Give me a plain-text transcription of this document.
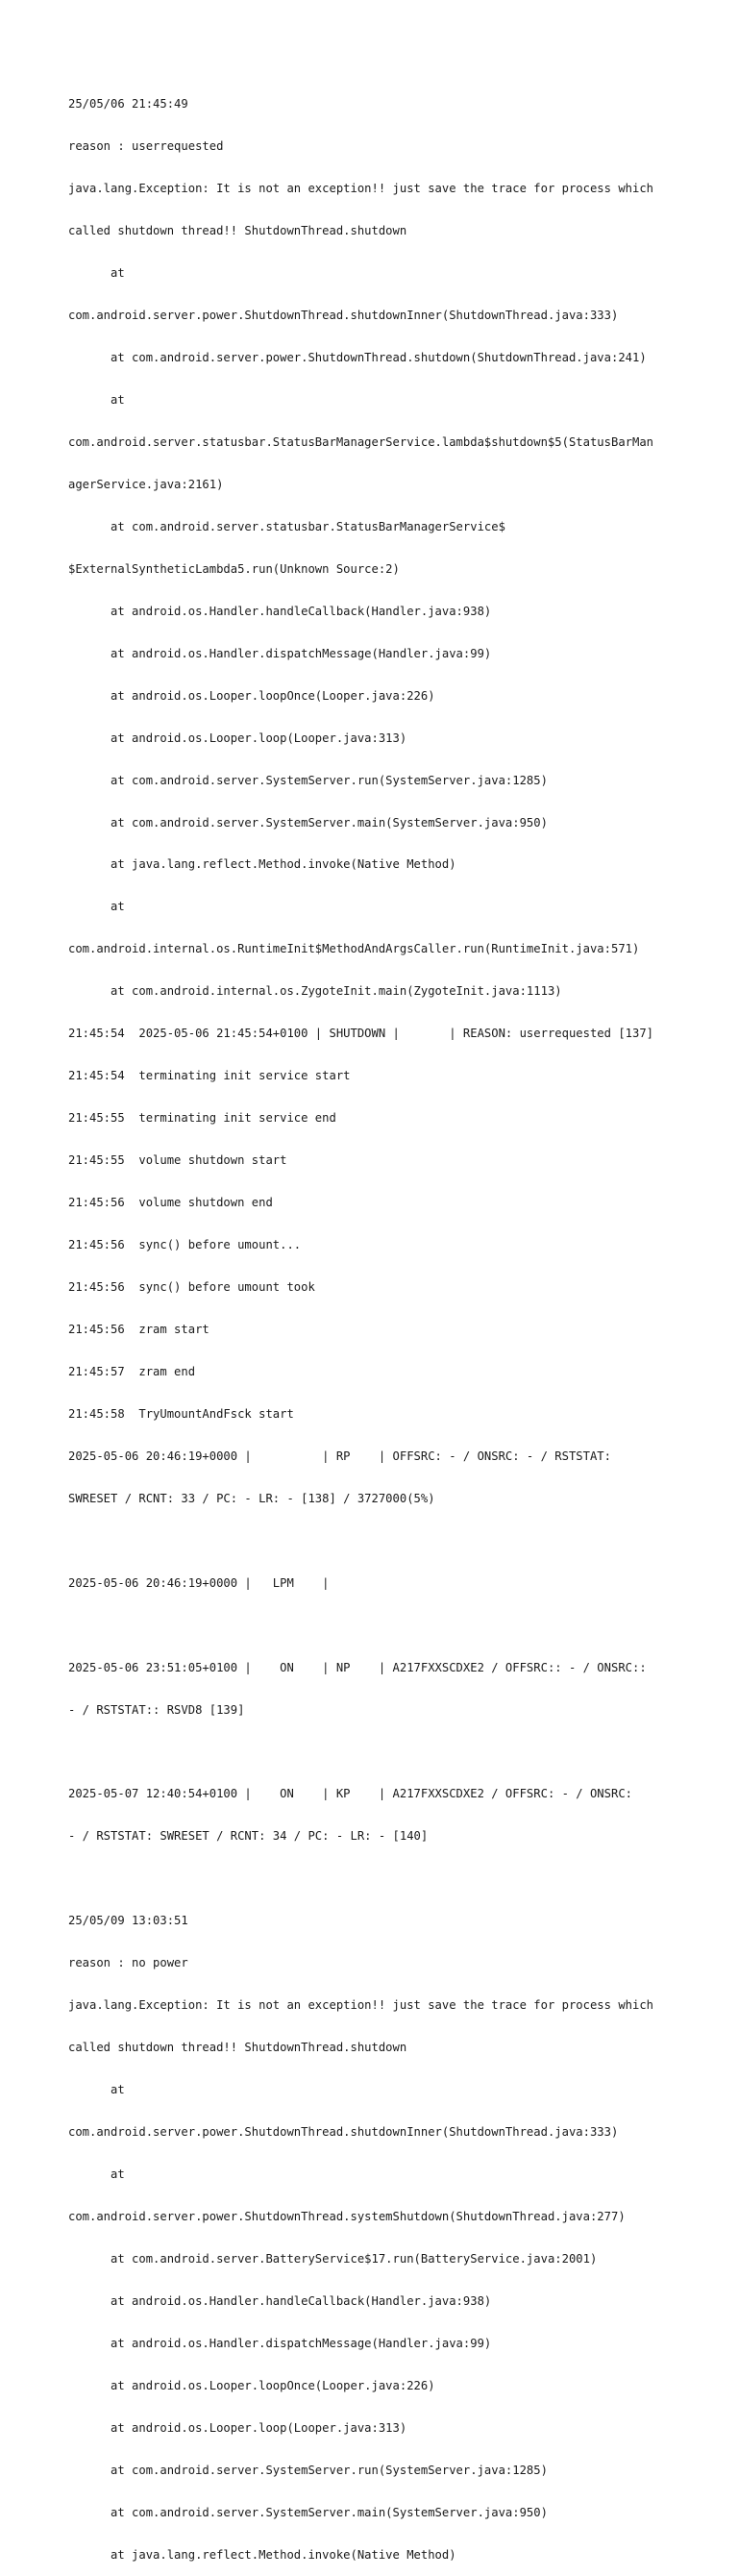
25/05/06 21:45:49

reason : userrequested

java.lang.Exception: It is not an exception!! just save the trace for process which

called shutdown thread!! ShutdownThread.shutdown

at

com.android.server.power.ShutdownThread.shutdownInner(ShutdownThread.java:333)

at com.android.server.power.ShutdownThread.shutdown(ShutdownThread.java:241)

at

com.android.server.statusbar.StatusBarManagerService.lambda$shutdown$5(StatusBarMan

agerService.java:2161)

at com.android.server.statusbar.StatusBarManagerService$

$ExternalSyntheticLambda5.run(Unknown Source:2)

at android.os.Handler.handleCallback(Handler.java:938)

at android.os.Handler.dispatchMessage(Handler.java:99)

at android.os.Looper.loopOnce(Looper.java:226)

at android.os.Looper.loop(Looper.java:313)

at com.android.server.SystemServer.run(SystemServer.java:1285)

at com.android.server.SystemServer.main(SystemServer.java:950)

at java.lang.reflect.Method.invoke(Native Method)

at

com.android.internal.os.RuntimeInit$MethodAndArgsCaller.run(RuntimeInit.java:571)

at com.android.internal.os.ZygoteInit.main(ZygoteInit.java:1113)

21:45:54  2025-05-06 21:45:54+0100 | SHUTDOWN |       | REASON: userrequested [137]

21:45:54  terminating init service start

21:45:55  terminating init service end

21:45:55  volume shutdown start

21:45:56  volume shutdown end

21:45:56  sync() before umount...

21:45:56  sync() before umount took

21:45:56  zram start

21:45:57  zram end

21:45:58  TryUmountAndFsck start

2025-05-06 20:46:19+0000 |          | RP    | OFFSRC: - / ONSRC: - / RSTSTAT:

SWRESET / RCNT: 33 / PC: - LR: - [138] / 3727000(5%)

2025-05-06 20:46:19+0000 |   LPM    |

2025-05-06 23:51:05+0100 |    ON    | NP    | A217FXXSCDXE2 / OFFSRC:: - / ONSRC::

- / RSTSTAT:: RSVD8 [139]

2025-05-07 12:40:54+0100 |    ON    | KP    | A217FXXSCDXE2 / OFFSRC: - / ONSRC:

- / RSTSTAT: SWRESET / RCNT: 34 / PC: - LR: - [140]

25/05/09 13:03:51

reason : no power

java.lang.Exception: It is not an exception!! just save the trace for process which

called shutdown thread!! ShutdownThread.shutdown

at

com.android.server.power.ShutdownThread.shutdownInner(ShutdownThread.java:333)

at

com.android.server.power.ShutdownThread.systemShutdown(ShutdownThread.java:277)

at com.android.server.BatteryService$17.run(BatteryService.java:2001)

at android.os.Handler.handleCallback(Handler.java:938)

at android.os.Handler.dispatchMessage(Handler.java:99)

at android.os.Looper.loopOnce(Looper.java:226)

at android.os.Looper.loop(Looper.java:313)

at com.android.server.SystemServer.run(SystemServer.java:1285)

at com.android.server.SystemServer.main(SystemServer.java:950)

at java.lang.reflect.Method.invoke(Native Method)
